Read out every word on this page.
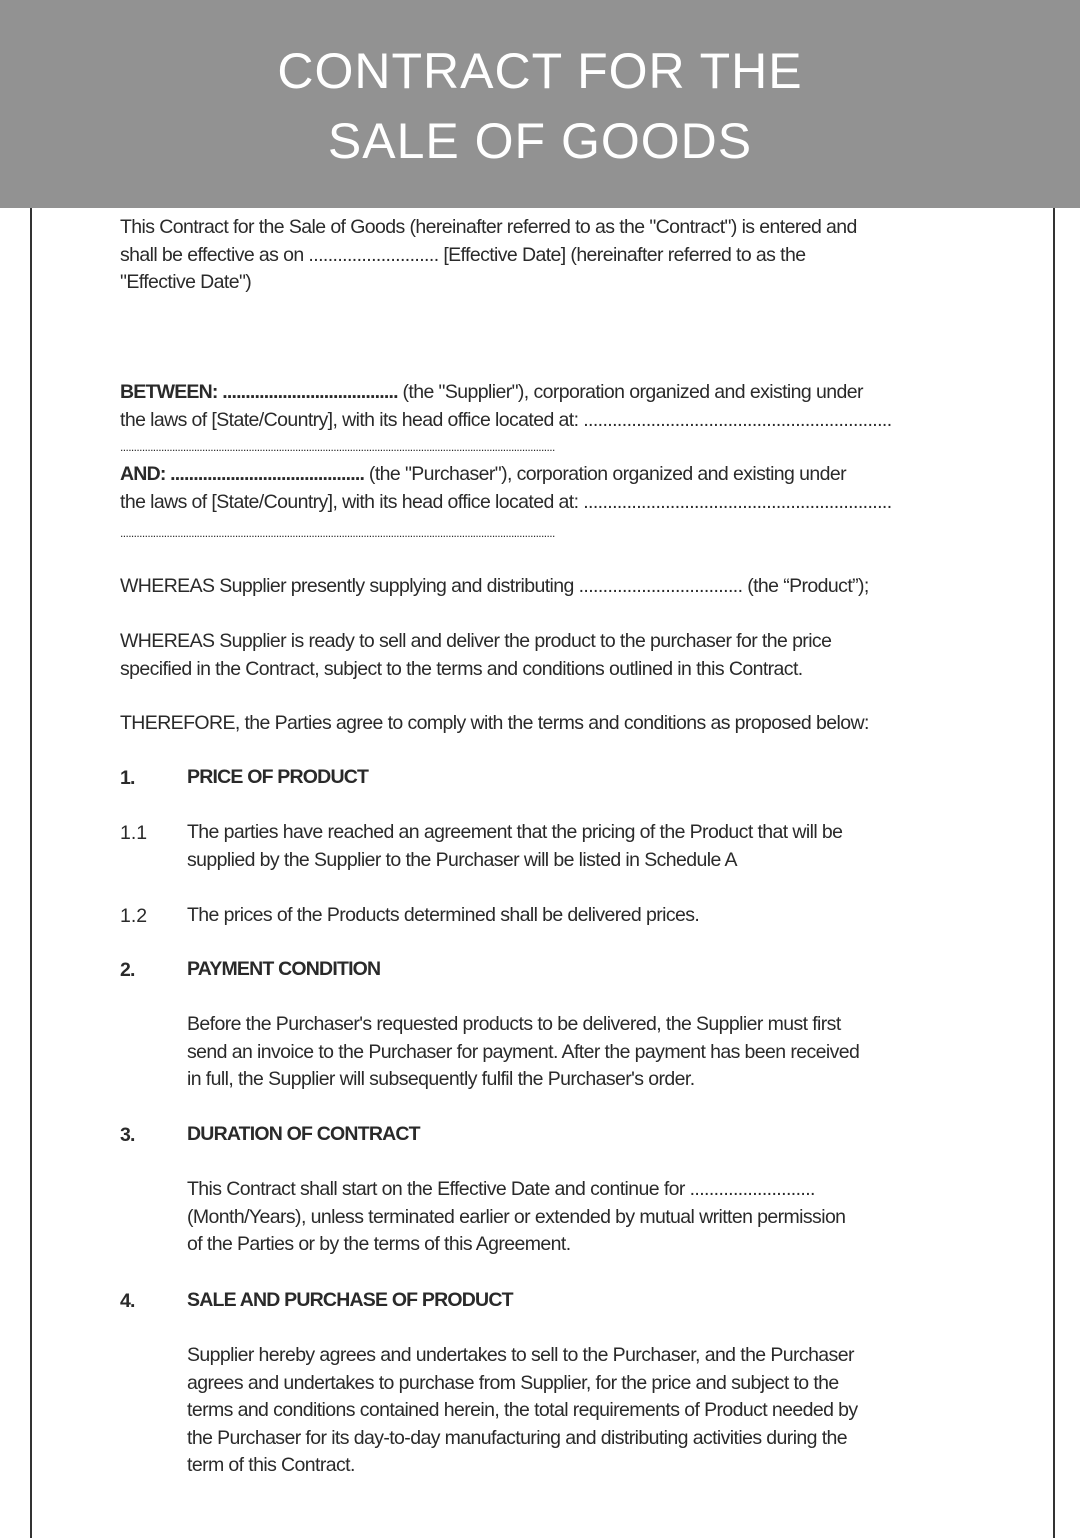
CONTRACT FOR THE
SALE OF GOODS
This Contract for the Sale of Goods (hereinafter referred to as the "Contract") is entered and
shall be effective as on ........................... [Effective Date] (hereinafter referred to as the
"Effective Date")
BETWEEN: ...................................... (the "Supplier"), corporation organized and existing under
the laws of [State/Country], with its head office located at: ................................................................
...............................................................................................................................................................
AND: .......................................... (the "Purchaser"), corporation organized and existing under
the laws of [State/Country], with its head office located at: ................................................................
...............................................................................................................................................................
WHEREAS Supplier presently supplying and distributing .................................. (the “Product”);
WHEREAS Supplier is ready to sell and deliver the product to the purchaser for the price
specified in the Contract, subject to the terms and conditions outlined in this Contract.
THEREFORE, the Parties agree to comply with the terms and conditions as proposed below:
1.	PRICE OF PRODUCT
1.1 The parties have reached an agreement that the pricing of the Product that will be
supplied by the Supplier to the Purchaser will be listed in Schedule A
1.2 The prices of the Products determined shall be delivered prices.
2.	PAYMENT CONDITION
Before the Purchaser's requested products to be delivered, the Supplier must first
send an invoice to the Purchaser for payment. After the payment has been received
in full, the Supplier will subsequently fulfil the Purchaser's order.
3.	DURATION OF CONTRACT
This Contract shall start on the Effective Date and continue for ..........................
(Month/Years), unless terminated earlier or extended by mutual written permission
of the Parties or by the terms of this Agreement.
4.	SALE AND PURCHASE OF PRODUCT
Supplier hereby agrees and undertakes to sell to the Purchaser, and the Purchaser
agrees and undertakes to purchase from Supplier, for the price and subject to the
terms and conditions contained herein, the total requirements of Product needed by
the Purchaser for its day-to-day manufacturing and distributing activities during the
term of this Contract.
